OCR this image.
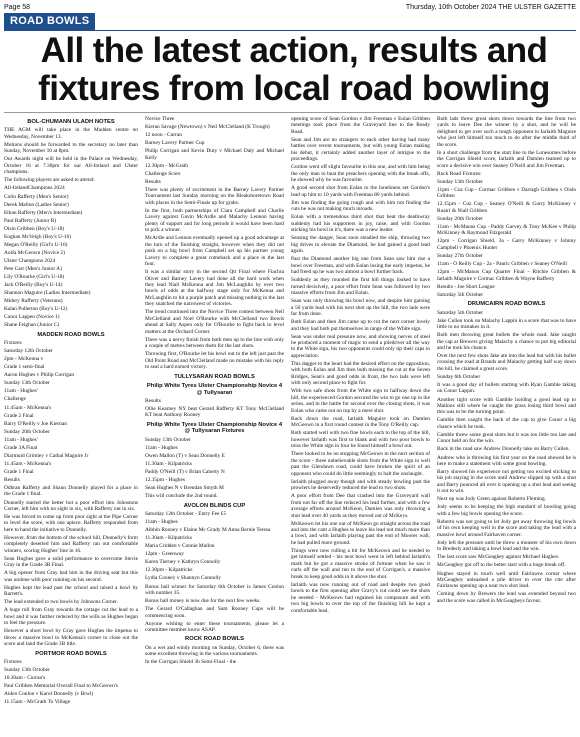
Page 58	Thursday, 10th October 2024 THE ULSTER GAZETTE
ROAD BOWLS
All the latest action, results and fixtures from local road bowling

BOL-CHUMANN ULADH NOTES

THE AGM will take place in the Madden centre on Wednesday, November 13.

Motions should be forwarded to the secretary no later than Sunday, November 10 at 8pm.

Our Awards night will be held in the Palace on Wednesday, October 16 at 7.30pm for our All-Ireland and Ulster champions.

The following players are asked to attend:

All-IrelandChampions 2024

Colin Rafferty (Men's Senior)

Derek Mallon (Ladies Senior)

Ethan Rafferty (Men's Intermediate)

Paul Rafferty (Junior B)

Oisin Gribben (Boy's U-18)

Eoghan McVeigh (Boy's U-16)

Megan O'Reilly (Girl's U-16)

Aoifa McGeown (Novice 2)

Ulster Champions 2024

Pete Carr (Men's Junior A)

Lily O'Rourke (Girl's U-18)

Jack O'Reilly (Boy's U-14)

Shannon Maguire (Ladies Intermediate)

Midery Rafferty (Veterans)

Kalan Pullerton (Boy's U-12)

Conor Lappen (Novice 1)

Shane Feighan (Junior C)

MADDEN ROAD BOWLS

Fixtures

Saturday 12th October

2pm - McKenna v

Grade 1 semi-final

Aaron Hughes v Philip Corrigan

Sunday 13th October

11am - Hughes'

Challenge

11.45am - McKenna's

Grade 2 Final

Barry O'Reilly v Joe Kiernan

Sunday 20th October

11am - Hughes'

Grade 3A Final

Diarmuid Grimley v Cathal Maguire Jr

11.45am - McKenna's

Grade 1 Final

Results

Odhran Rafferty and Shaun Donnelly played for a place in the Grade 1 final.

Donnelly started the better but a poor effort into Johnstons Corner, left him with no sight in six, with Rafferty out in six.

He was forced to come up from poor sight at the Pipe Corner to level the score, with one apiece. Rafferty responded from here to hand the initiative to Donnelly.

However, from the bottom of the school hill, Donnelly's form completely deserted him and Rafferty ran out comfortable winners, scoring Hughes' line in 16.

Sean Hughes gave a solid performance to overcome Stevie Gray in the Grade 3B Final.

A big opener from Gray had him in the driving seat but this was undone with poor running on his second.

Hughes kept the lead past the school and raised a bowl by Barrett's.

The lead extended to two bowls by Johnsons Corner.

A huge roll from Gray towards the cottage cut the lead to a bowl and it was further reduced by the wills as Hughes began to feel the pressure.

However a short bowl by Gray gave Hughes the impetus to throw a massive bowl to McKenna's corner to close out the score and land the Grade 3B title.

PORTMOR ROAD BOWLS

Fixtures

Sunday 13th October

10.30am - Curran's

Paul Gribben Memorial Overall Final to McGeown's

Aiden Conlon v Karol Donnelly (v Brwl)

11.15am - McGrath To Village

Novice Three

Kieran Savage (Newtown) v Neil McClelland (K Trough)

12 noon - Curran

Barney Lavery Partner Cup

Philip Corrigan and Kevin Duty v Michael Daly and Michael Kelly

12.30pm - McGrath

Challenge Score

Results

There was plenty of excitement in the Barney Lavery Partner Tournament last Sunday morning on the Bleakmoretown Road with places in the Semi-Finals up for grabs.

In the first, both partnerships of Ciara Campbell and Charlie Lavery against Gavin McArdle and Malachy Lennon having plenty of support and for long periods it would have been hard to pick a winner.

McArdle and Lennon eventually opened up a good advantage at the turn of the finishing straight, however when they did not push on a big bowl from Campbell set up his partner young Lavery to complete a great comeback and a place in the last four.

It was a similar story in the second Qtr Final where Fiachra Oliver and Barney Lavery had done all the hard work when they lead Niall McKenna and Jim McLaughlin by over two bowls of odds at the halfway stage only for McKenna and McLaughlin to hit a purple patch and missing nothing in the last they snatched the narrowest of victories.

The trend continued into the Novice Three contest between Neil McClelland and Noel O'Rourke with McClelland two Bowls ahead at Sally Aspen only for O'Rourke to fight back to level matters at the Orchard Corner.

There was a nervy finish from both men up to the line with only a couple of metres between them for the last shots.

Throwing first, O'Rourke let his bowl out to the left just past the Old Point Road and McClelland made no mistake with his reply to seal a hard earned victory.

TULLYSARAN ROAD BOWLS

Philip White Tyres Ulster Championship Novice 4 @ Tullysaran

Results

Ollie Kearney NY beat Gerard Rafferty KT Tony McClelland KT beat Anthony Rooney

Philip White Tyres Ulster Championship Novice 4 @ Tullysaran Fixtures

Sunday 13th October

11am - Hughes

Owen Mallon (T) v Sean Donnelly E

11.30am - Kilpatricks

Paddy O'Neill (T) v Brian Caherty N

12.15pm - Hughes

Sean Hughes N v Brendan Smyth M

This will conclude the 2nd round.

AVOLON BLINDS CUP

Saturday 12th October - Entry Fee £5

11am - Hughes

Aibhin Rooney v Elaine Mc Grady M Anna Bernie Teresa

11.30am - Kilpatricks

Maria Cridden v Connie Mallon

12pm - Greenway

Karen Tierney v Kathryn Connolly

12.30pm - Kilpatricks

Lydia Cooney v Shannyn Connolly

Bonus ball winner for Saturday 6th October is James Conlon with number 35.

Bonus ball money is now due for the next few weeks.

The Gerard O'Callaghan and Sam Rooney Cups will be commencing soon.

Anyone wishing to enter these tournaments, please let a committee member know ASAP.

ROCK ROAD BOWLS

On a wet and windy morning on Sunday, October 6, there was some excellent throwing in the various tournaments.

In the Corrigan Shield 3b Semi-Final - the

opening score of Sean Gordon v Jim Freeman v Eolan Gribben meetings took place from the Graveyard line to the Ready Road.

Sean and Jim are no strangers to each other having had many battles over recent tournaments, but with young Eolan making his debut, it certainly added another layer of intrigue to the proceedings.

Gordon went off slight favourite in this one, and with him being the only man to beat the preachers opening with the break offs, he showed why he was favourite.

A good second shot from Eolan to the loneliness set Gordon's lead up him to 10 yards with Freeman 80 yards behind.

Jim was finding the going rough and with him not finding the cuts he was not making much inroads.

Eolan with a tremendous third shot that beat the deathwray suddenly had his supporters in joy, raise, and with Gordon sticking his bowl in it's, there was a new leader.

Sensing the danger, Sean soon steadied the ship, throwing two big drives to elevate the Diamond, he had gained a good lead again.

Past the Diamond another big one from Sean saw him rise a bowl over Freeman, and with Eolan losing the early impetus, he had freed up he was two almost a bowl further back.

Suddenly as they rounded the first hill things looked to have turned decisively, a poor effort from Sean was followed by two massive efforts from Jim and Eolan.

Sean was only throwing his bowl now, and despite him gaining a 50 yards lead with his next shot up the hill, the two lads were far from done.

Both Eolan and then Jim came up to cut the next corner lovely and they had both put themselves in range of the White sign.

Sean was under real pressure now, and showing nerves of steel he produced a moment of magic to send a piledriver all the way to the White sign, his two opponents could only tip their caps in appreciation.

This dagger to the heart had the desired effect on the opposition, with both Eolan and Jim then both missing the cut at the Seven Bridges, Sean's and good odds in front, the two lads were left with only second place to fight for.

With two safe shots from the White sign to halfway down the hill, the experienced Gordon secured the win to go one up in the series, and in the battle for second over the closing shots, it was Eolan who came out on top by a mere shot.

Back down the road, Iarlaith Maguire took on Damien McGeown in a first round contest in the Tony O'Reilly cup.

Both started well with two fine bowls each to the top of the hill, however Iarlaith was first to blank and with two poor bowls to miss the White sign in four he found himself a bowl out.

There looked to be no stopping McGeown in the next section of the score - three unbelievable shots from the White sign to well past the Glendawn road, could have broken the spirit of an opponent who could do little seemingly to halt the onslaught.

Iarlaith plugged away though and with steady bowling past the prowlers he deservedly reduced the lead to two shots.

A poor effort from Dee that crashed into the Graveyard wall from not far off the line reduced his lead further, and with a few average efforts around McKeon, Damien was only throwing a shot lead over 40 yards as they moved out of McKeys.

McKeown let his one out of McKeon go straight across the road and into the cant a Hughes to leave his lead not much more than a bowl, and with Iarlaith playing past the end of Moores wall, he had pulled more ground.

Things were now rolling a bit for McKeown and he needed to get himself settled - his next bowl went in left behind Iarlaith's mark but he got a massive stroke of fortune when he saw it curls off the wall and run to the end of Corrigan's, a massive break to keep good odds in it above the shot.

Iarlaith was now running out of road and despite two good bowls to the first opening after Gravy's cut could see the shots he needed - McKeown had regained his composure and with two big bowls to over the top of the finishing hill he kept a comfortable lead.

Both lads threw great shots down towards the line from two yards to leave Dee the winner by a shot, and he will be delighted to get over such a tough opponent in Iarlaith Maguire who just left himself too much to do after the middle third of the score.

In a short challenge from the start line to the Lonesomes before the Corrigan Shield score, Iarlaith and Damien teamed up to score a decisive win over Seaney O'Neill and Jim Freeman.

Rock Road Fixtures:

Sunday 13th October

11pm - Cuz Cup - Cormac Gribben v Darragh Gribben v Oisin Gribben

12.15pm - Cuz Cup - Seaney O'Neill & Gurry McKinney v Ruairí & Niall Gribben

Sunday 20th October

11am - McManus Cup - Paddy Garvey & Tony McKee v Philip McKinney & Raymond Fitzgerald

12pm - Corrigan Shield, 3a - Garry McKinney v Johnny Campbell v Phoenix Hunter

Sunday 27th October

11am - O Reilly Cup - 2a - Pauric Gribben v Seaney O'Neill

12pm - McManus Cup Quarter Final - Ritchie Gribben & Iarlaith Maguire v Cormac Gribben & Wayne Rafferty

Results - Joe Short League

Saturday 5th October

DRUMCAIRN ROAD BOWLS

Saturday 5th October

Jake Cullen took on Malachy Lappin in a score that was to have little to no mistakes in it.

Both men throwing great bullets the whole road. Jake caught the cap at Brewers giving Malachy a chance to put big editorial and he took his chance.

Over the next few shots Jake ate into the lead but with his bullet crossing the road at Brands and Malachy getting half way down the hill, he claimed a great score.

Sunday 6th October

It was a good day of bullets starting with Ryan Gamble taking on Conor Lappin.

Another tight score with Gamble holding a good lead up to Mallons still where he caught the grass losing third bowl and this was to be the turning point.

Gamble then caught the back of the cap to give Conor a big chance which he took.

Gamble threw some great shots but it was too little too late and Conor held on for the win.

Back in the road saw Andrew Donnelly take on Barry Cullen.

Andrew who is throwing his first year on the road showed he is here to make a statement with some great bowling.

Barry showed his experience not getting too excited sticking to his job staying in the score until Andrew slipped up with a shot and Barry pounced all over it opening up a shot lead and seeing it out to win.

Next up was Jody Green against Roberto Fleming.

Jody seems to be keeping the high standard of bowling going with a few big bowls opening the score.

Roberto was not going to let Jody get away throwing big bowls of his own keeping well in the score and taking the lead with a massive bowl around Fairhaven corner.

Jody left the pressure until he threw a monster of his own down to Bredesly and taking a bowl lead and the win.

The last score saw McGeaghey against Michael Hughes.

McGeaghey got off to the better start with a huge break off.

Hughes stayed in touch well until Fairlawns corner where McGeaghey unleashed a pile driver to over the cite after Fairlawns opening up a near two shot lead.

Coming down by Brewers the lead was extended beyond two and the score was called in McGeagheys favour.
